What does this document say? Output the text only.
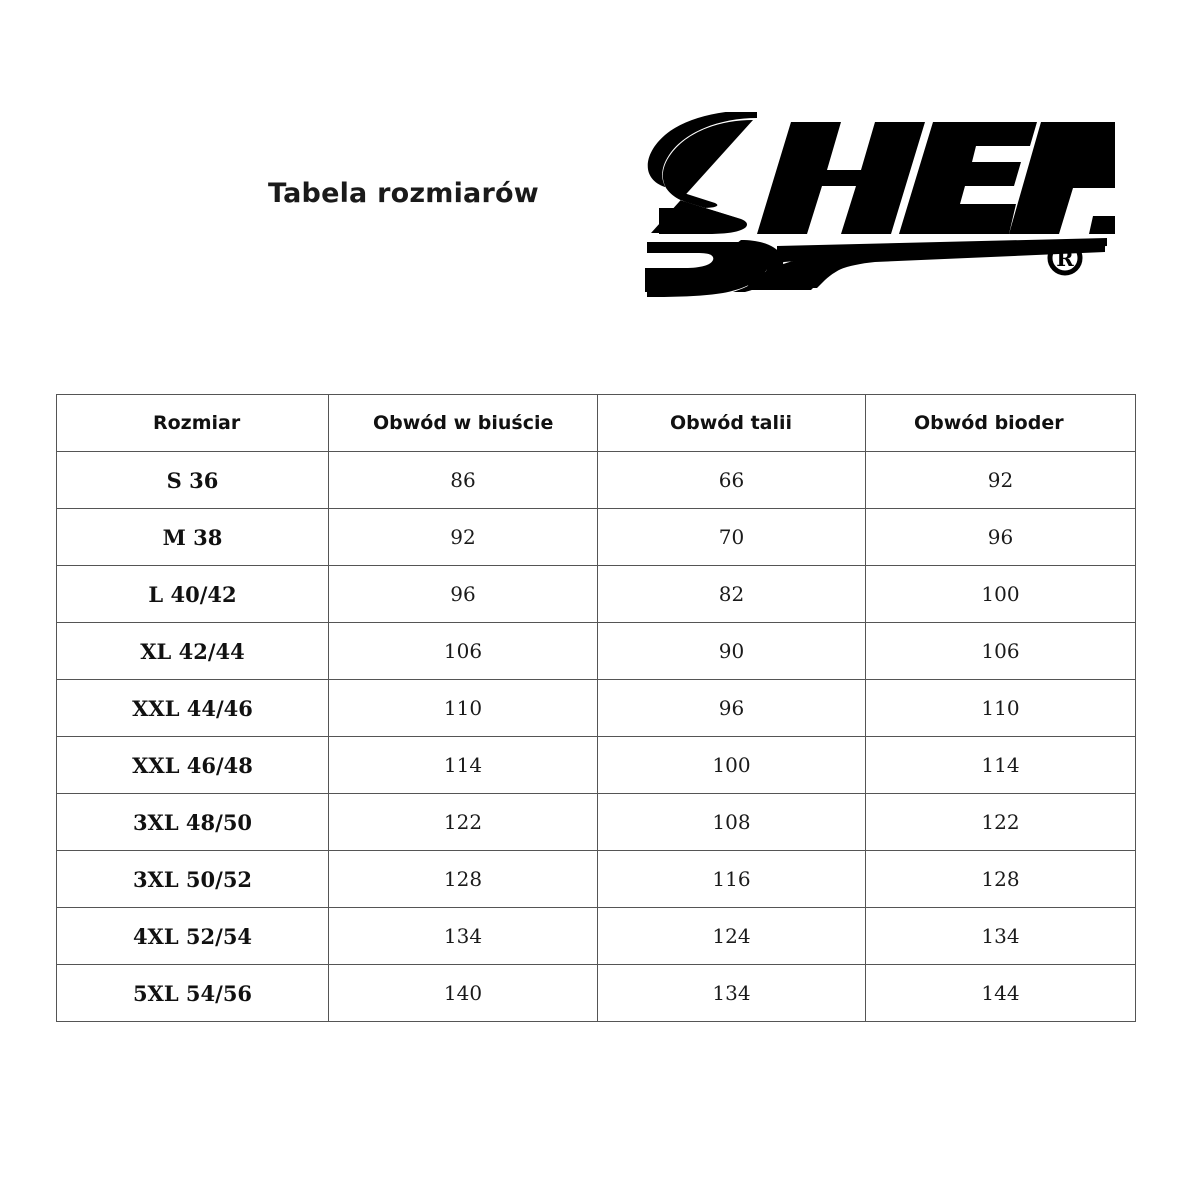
Tabela rozmiarów
R
Rozmiar	Obwód w biuście	Obwód talii	Obwód bioder
S 36	86	66	92
M 38	92	70	96
L 40/42	96	82	100
XL 42/44	106	90	106
XXL 44/46	110	96	110
XXL 46/48	114	100	114
3XL 48/50	122	108	122
3XL 50/52	128	116	128
4XL 52/54	134	124	134
5XL 54/56	140	134	144
